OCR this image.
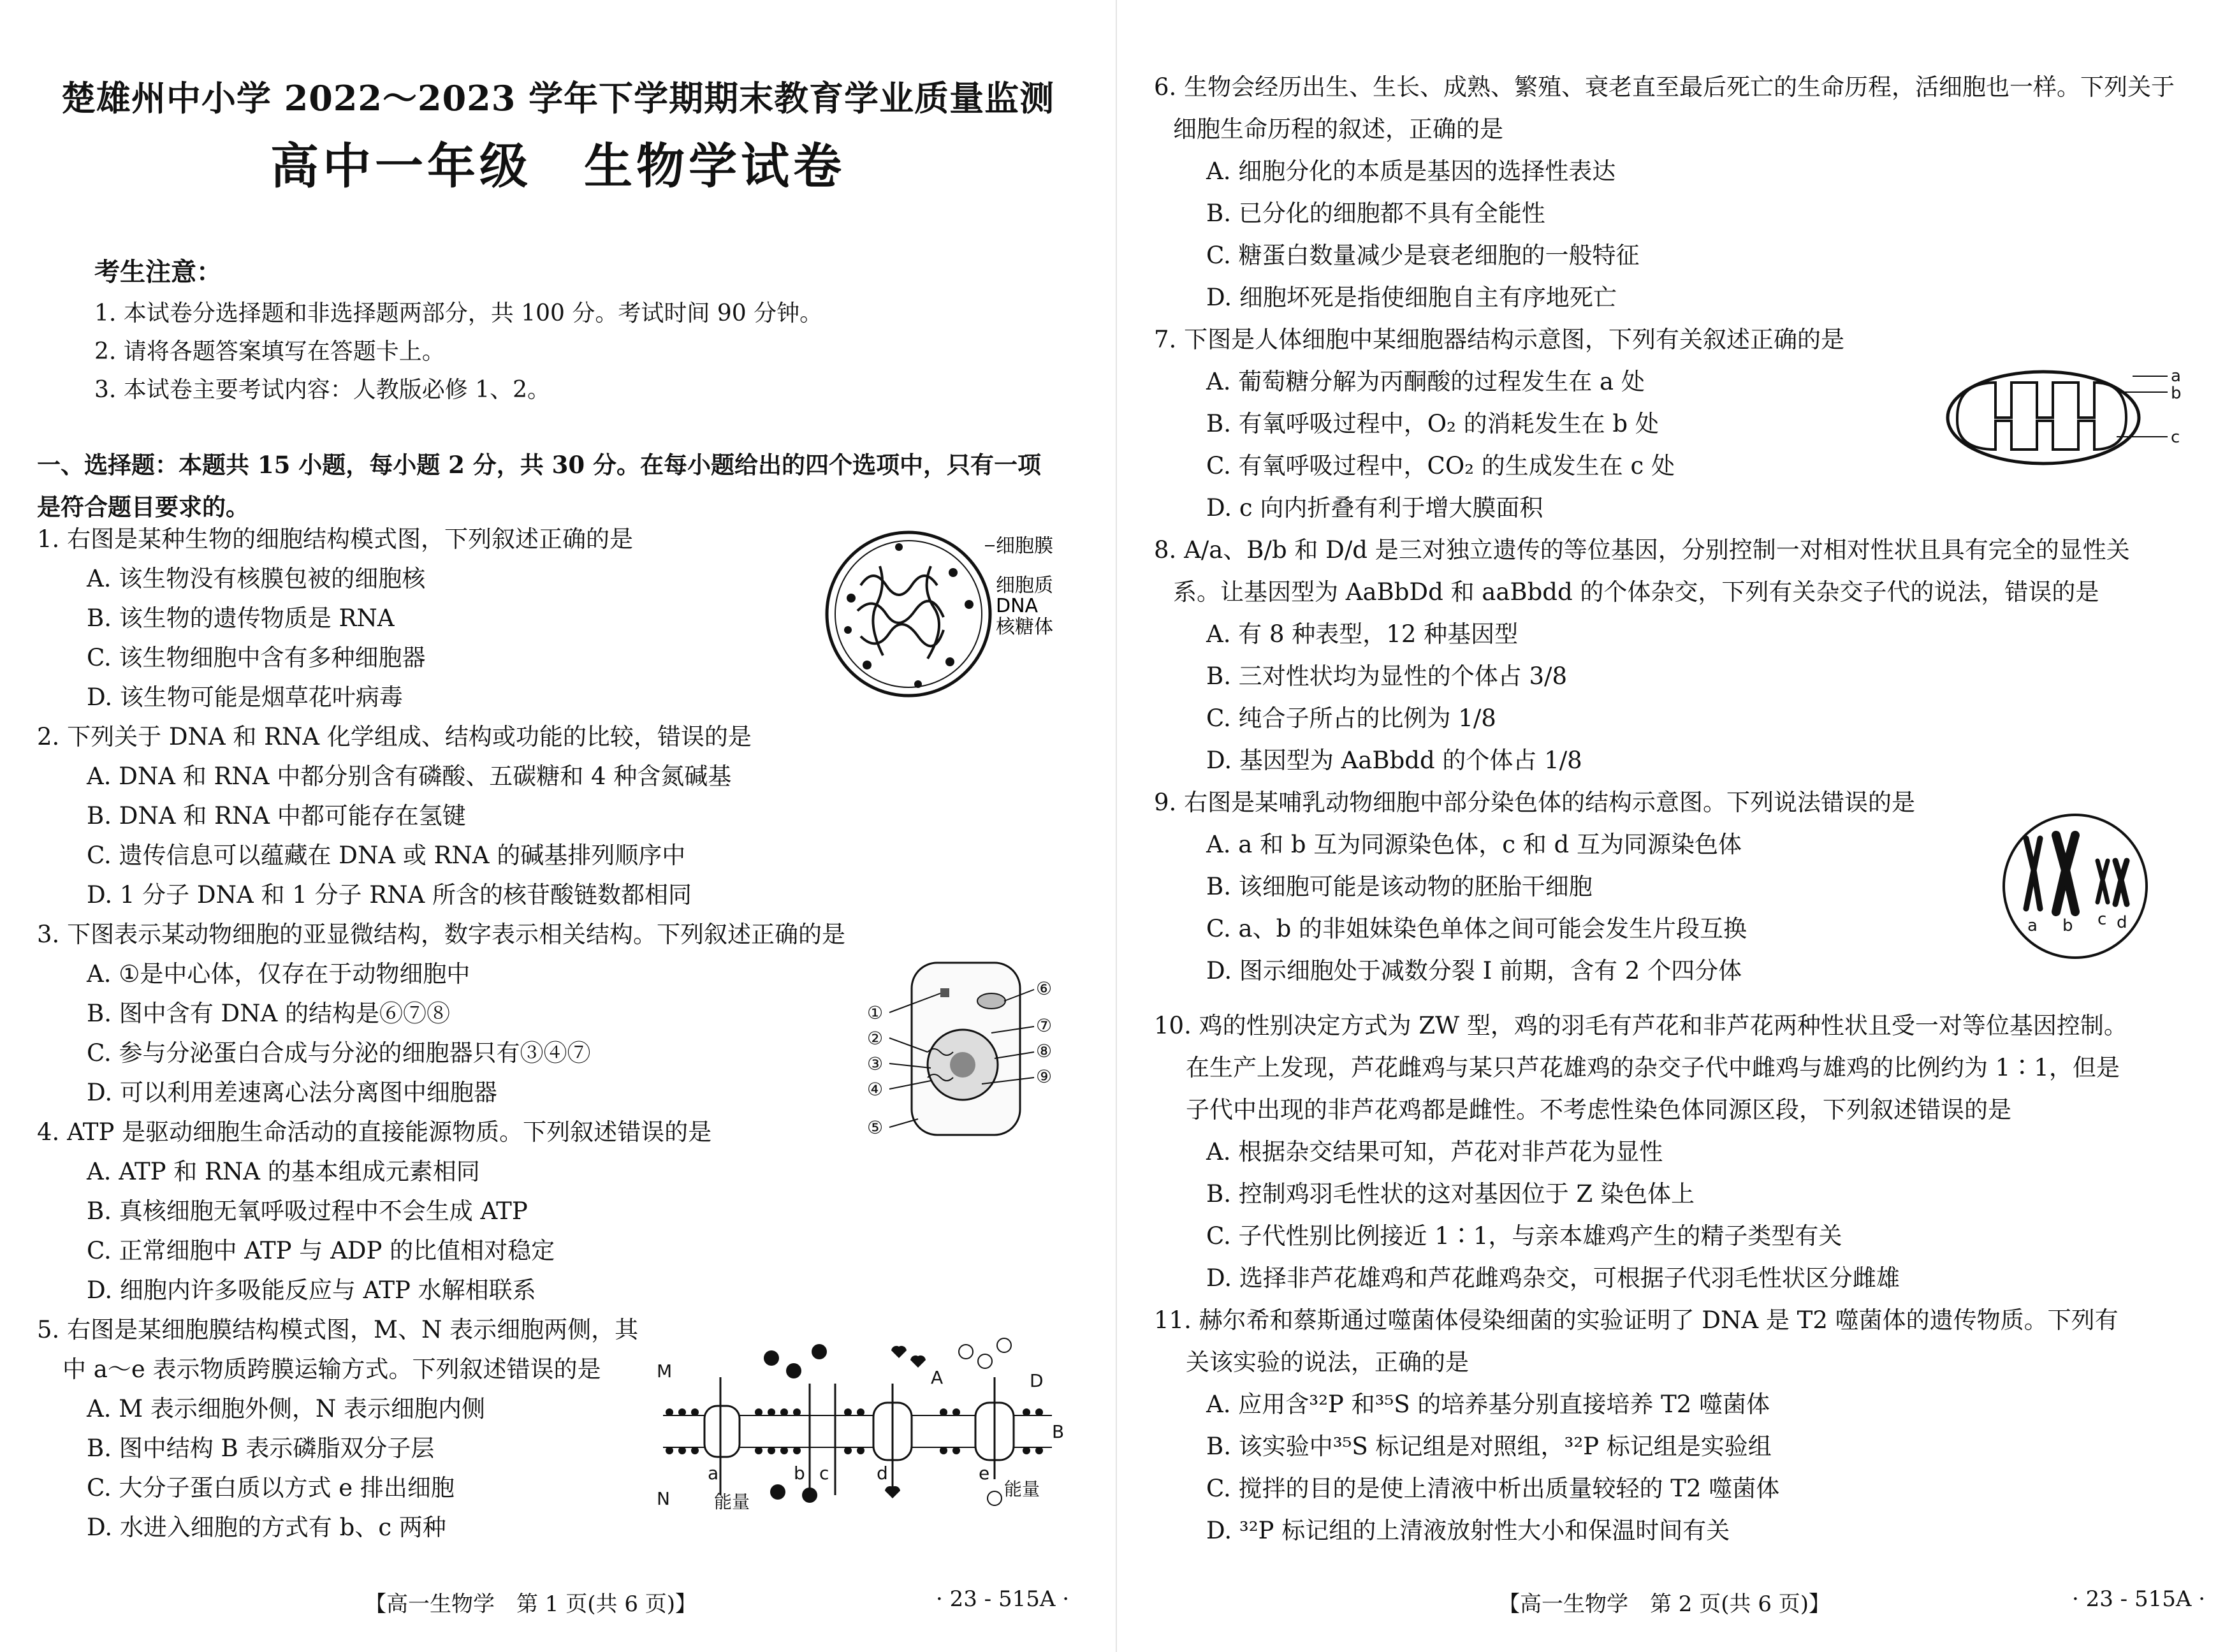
楚雄州中小学 2022～2023 学年下学期期末教育学业质量监测
高中一年级　生物学试卷
考生注意：
1. 本试卷分选择题和非选择题两部分，共 100 分。考试时间 90 分钟。
2. 请将各题答案填写在答题卡上。
3. 本试卷主要考试内容：人教版必修 1、2。
一、选择题：本题共 15 小题，每小题 2 分，共 30 分。在每小题给出的四个选项中，只有一项是符合题目要求的。
1. 右图是某种生物的细胞结构模式图，下列叙述正确的是
A. 该生物没有核膜包被的细胞核
B. 该生物的遗传物质是 RNA
C. 该生物细胞中含有多种细胞器
D. 该生物可能是烟草花叶病毒
细胞膜
细胞质
DNA
核糖体
2. 下列关于 DNA 和 RNA 化学组成、结构或功能的比较，错误的是
A. DNA 和 RNA 中都分别含有磷酸、五碳糖和 4 种含氮碱基
B. DNA 和 RNA 中都可能存在氢键
C. 遗传信息可以蕴藏在 DNA 或 RNA 的碱基排列顺序中
D. 1 分子 DNA 和 1 分子 RNA 所含的核苷酸链数都相同
3. 下图表示某动物细胞的亚显微结构，数字表示相关结构。下列叙述正确的是
A. ①是中心体，仅存在于动物细胞中
B. 图中含有 DNA 的结构是⑥⑦⑧
C. 参与分泌蛋白合成与分泌的细胞器只有③④⑦
D. 可以利用差速离心法分离图中细胞器
①
②
③
④
⑤
⑥
⑦
⑧
⑨
4. ATP 是驱动细胞生命活动的直接能源物质。下列叙述错误的是
A. ATP 和 RNA 的基本组成元素相同
B. 真核细胞无氧呼吸过程中不会生成 ATP
C. 正常细胞中 ATP 与 ADP 的比值相对稳定
D. 细胞内许多吸能反应与 ATP 水解相联系
5. 右图是某细胞膜结构模式图，M、N 表示细胞两侧，其
中 a～e 表示物质跨膜运输方式。下列叙述错误的是
A. M 表示细胞外侧，N 表示细胞内侧
B. 图中结构 B 表示磷脂双分子层
C. 大分子蛋白质以方式 e 排出细胞
D. 水进入细胞的方式有 b、c 两种
M
N
A
B
D
a	b c	d	e
能量
能量
【高一生物学　第 1 页(共 6 页)】	· 23 - 515A ·
6. 生物会经历出生、生长、成熟、繁殖、衰老直至最后死亡的生命历程，活细胞也一样。下列关于
细胞生命历程的叙述，正确的是
A. 细胞分化的本质是基因的选择性表达
B. 已分化的细胞都不具有全能性
C. 糖蛋白数量减少是衰老细胞的一般特征
D. 细胞坏死是指使细胞自主有序地死亡
7. 下图是人体细胞中某细胞器结构示意图，下列有关叙述正确的是
A. 葡萄糖分解为丙酮酸的过程发生在 a 处
B. 有氧呼吸过程中，O₂ 的消耗发生在 b 处
C. 有氧呼吸过程中，CO₂ 的生成发生在 c 处
D. c 向内折叠有利于增大膜面积
a
b
c
8. A/a、B/b 和 D/d 是三对独立遗传的等位基因，分别控制一对相对性状且具有完全的显性关
系。让基因型为 AaBbDd 和 aaBbdd 的个体杂交，下列有关杂交子代的说法，错误的是
A. 有 8 种表型，12 种基因型
B. 三对性状均为显性的个体占 3/8
C. 纯合子所占的比例为 1/8
D. 基因型为 AaBbdd 的个体占 1/8
9. 右图是某哺乳动物细胞中部分染色体的结构示意图。下列说法错误的是
A. a 和 b 互为同源染色体，c 和 d 互为同源染色体
B. 该细胞可能是该动物的胚胎干细胞
C. a、b 的非姐妹染色单体之间可能会发生片段互换
D. 图示细胞处于减数分裂 I 前期，含有 2 个四分体
a b c d
10. 鸡的性别决定方式为 ZW 型，鸡的羽毛有芦花和非芦花两种性状且受一对等位基因控制。
在生产上发现，芦花雌鸡与某只芦花雄鸡的杂交子代中雌鸡与雄鸡的比例约为 1∶1，但是
子代中出现的非芦花鸡都是雌性。不考虑性染色体同源区段，下列叙述错误的是
A. 根据杂交结果可知，芦花对非芦花为显性
B. 控制鸡羽毛性状的这对基因位于 Z 染色体上
C. 子代性别比例接近 1∶1，与亲本雄鸡产生的精子类型有关
D. 选择非芦花雄鸡和芦花雌鸡杂交，可根据子代羽毛性状区分雌雄
11. 赫尔希和蔡斯通过噬菌体侵染细菌的实验证明了 DNA 是 T2 噬菌体的遗传物质。下列有
关该实验的说法，正确的是
A. 应用含³²P 和³⁵S 的培养基分别直接培养 T2 噬菌体
B. 该实验中³⁵S 标记组是对照组，³²P 标记组是实验组
C. 搅拌的目的是使上清液中析出质量较轻的 T2 噬菌体
D. ³²P 标记组的上清液放射性大小和保温时间有关
【高一生物学　第 2 页(共 6 页)】	· 23 - 515A ·
